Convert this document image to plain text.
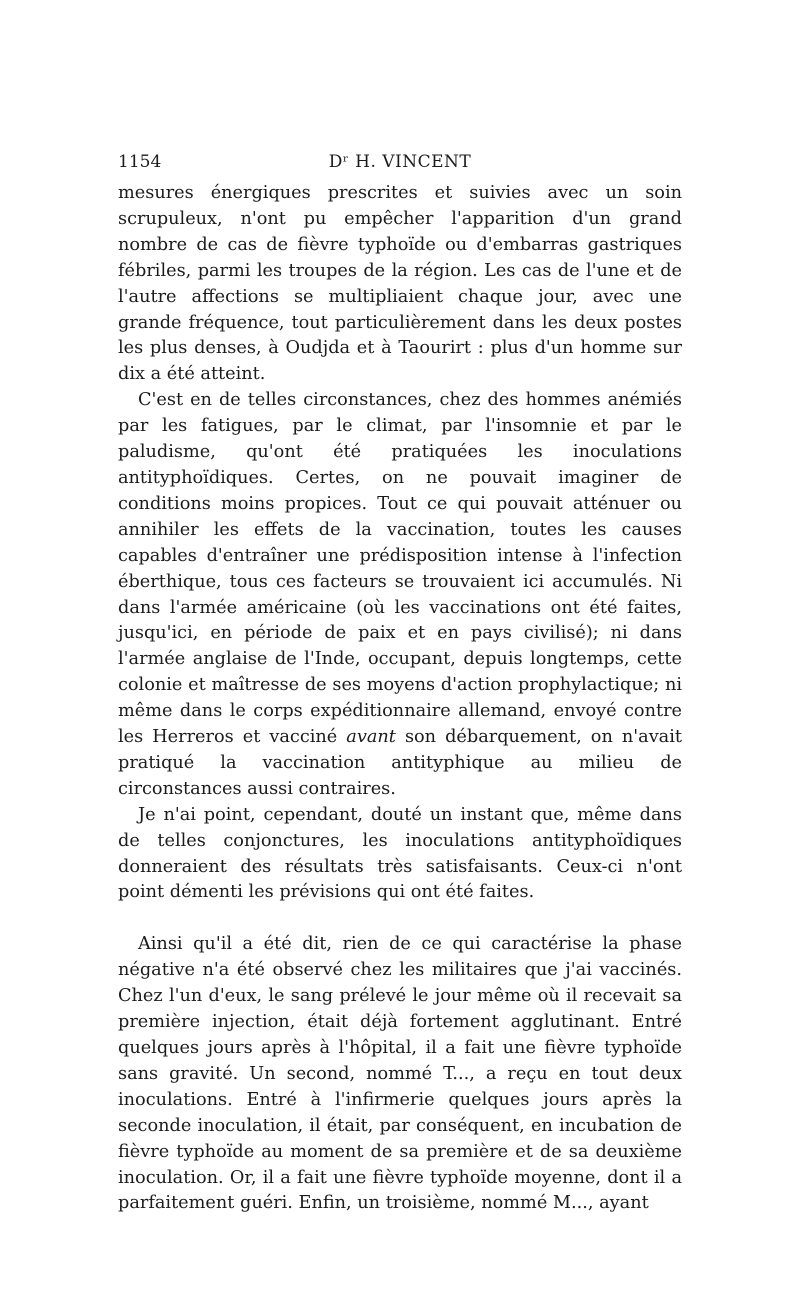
1154	Dʳ H. VINCENT

mesures énergiques prescrites et suivies avec un soin scrupuleux, n'ont pu empêcher l'apparition d'un grand nombre de cas de fièvre typhoïde ou d'embarras gastriques fébriles, parmi les troupes de la région. Les cas de l'une et de l'autre affections se multipliaient chaque jour, avec une grande fréquence, tout particulièrement dans les deux postes les plus denses, à Oudjda et à Taourirt : plus d'un homme sur dix a été atteint.

C'est en de telles circonstances, chez des hommes anémiés par les fatigues, par le climat, par l'insomnie et par le paludisme, qu'ont été pratiquées les inoculations antityphoïdiques. Certes, on ne pouvait imaginer de conditions moins propices. Tout ce qui pouvait atténuer ou annihiler les effets de la vaccination, toutes les causes capables d'entraîner une prédisposition intense à l'infection éberthique, tous ces facteurs se trouvaient ici accumulés. Ni dans l'armée américaine (où les vaccinations ont été faites, jusqu'ici, en période de paix et en pays civilisé); ni dans l'armée anglaise de l'Inde, occupant, depuis longtemps, cette colonie et maîtresse de ses moyens d'action prophylactique; ni même dans le corps expéditionnaire allemand, envoyé contre les Herreros et vacciné avant son débarquement, on n'avait pratiqué la vaccination antityphique au milieu de circonstances aussi contraires.

Je n'ai point, cependant, douté un instant que, même dans de telles conjonctures, les inoculations antityphoïdiques donneraient des résultats très satisfaisants. Ceux-ci n'ont point démenti les prévisions qui ont été faites.

Ainsi qu'il a été dit, rien de ce qui caractérise la phase négative n'a été observé chez les militaires que j'ai vaccinés. Chez l'un d'eux, le sang prélevé le jour même où il recevait sa première injection, était déjà fortement agglutinant. Entré quelques jours après à l'hôpital, il a fait une fièvre typhoïde sans gravité. Un second, nommé T..., a reçu en tout deux inoculations. Entré à l'infirmerie quelques jours après la seconde inoculation, il était, par conséquent, en incubation de fièvre typhoïde au moment de sa première et de sa deuxième inoculation. Or, il a fait une fièvre typhoïde moyenne, dont il a parfaitement guéri. Enfin, un troisième, nommé M..., ayant
